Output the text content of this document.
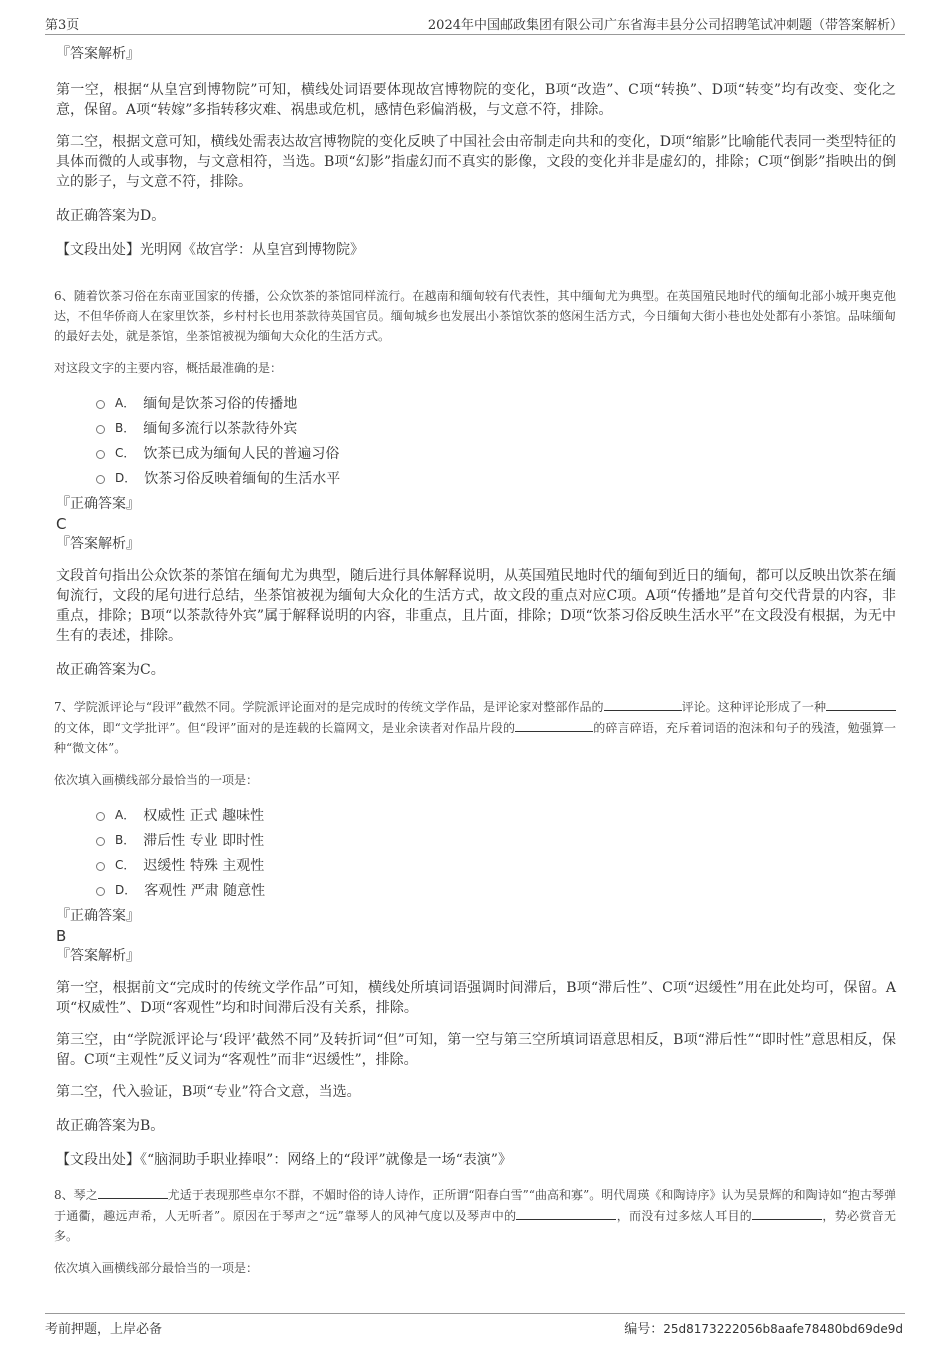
第3页	2024年中国邮政集团有限公司广东省海丰县分公司招聘笔试冲刺题（带答案解析）

『答案解析』

第一空，根据“从皇宫到博物院”可知，横线处词语要体现故宫博物院的变化，B项“改造”、C项“转换”、D项“转变”均有改变、变化之意，保留。A项“转嫁”多指转移灾难、祸患或危机，感情色彩偏消极，与文意不符，排除。

第二空，根据文意可知，横线处需表达故宫博物院的变化反映了中国社会由帝制走向共和的变化，D项“缩影”比喻能代表同一类型特征的具体而微的人或事物，与文意相符，当选。B项“幻影”指虚幻而不真实的影像，文段的变化并非是虚幻的，排除；C项“倒影”指映出的倒立的影子，与文意不符，排除。

故正确答案为D。

【文段出处】光明网《故宫学：从皇宫到博物院》

6、随着饮茶习俗在东南亚国家的传播，公众饮茶的茶馆同样流行。在越南和缅甸较有代表性，其中缅甸尤为典型。在英国殖民地时代的缅甸北部小城开奥克他达，不但华侨商人在家里饮茶，乡村村长也用茶款待英国官员。缅甸城乡也发展出小茶馆饮茶的悠闲生活方式，今日缅甸大街小巷也处处都有小茶馆。品味缅甸的最好去处，就是茶馆，坐茶馆被视为缅甸大众化的生活方式。

对这段文字的主要内容，概括最准确的是：

A． 缅甸是饮茶习俗的传播地
B． 缅甸多流行以茶款待外宾
C． 饮茶已成为缅甸人民的普遍习俗
D． 饮茶习俗反映着缅甸的生活水平

『正确答案』

C

『答案解析』

文段首句指出公众饮茶的茶馆在缅甸尤为典型，随后进行具体解释说明，从英国殖民地时代的缅甸到近日的缅甸，都可以反映出饮茶在缅甸流行，文段的尾句进行总结，坐茶馆被视为缅甸大众化的生活方式，故文段的重点对应C项。A项“传播地”是首句交代背景的内容，非重点，排除；B项“以茶款待外宾”属于解释说明的内容，非重点，且片面，排除；D项“饮茶习俗反映生活水平”在文段没有根据，为无中生有的表述，排除。

故正确答案为C。

7、学院派评论与“段评”截然不同。学院派评论面对的是完成时的传统文学作品，是评论家对整部作品的	评论。这种评论形成了一种的文体，即“文学批评”。但“段评”面对的是连载的长篇网文，是业余读者对作品片段的	的碎言碎语，充斥着词语的泡沫和句子的残渣，勉强算一种“微文体”。

依次填入画横线部分最恰当的一项是：

A． 权威性 正式 趣味性
B． 滞后性 专业 即时性
C． 迟缓性 特殊 主观性
D． 客观性 严肃 随意性

『正确答案』

B

『答案解析』

第一空，根据前文“完成时的传统文学作品”可知，横线处所填词语强调时间滞后，B项“滞后性”、C项“迟缓性”用在此处均可，保留。A项“权威性”、D项“客观性”均和时间滞后没有关系，排除。

第三空，由“学院派评论与‘段评’截然不同”及转折词“但”可知，第一空与第三空所填词语意思相反，B项“滞后性”“即时性”意思相反，保留。C项“主观性”反义词为“客观性”而非“迟缓性”，排除。

第二空，代入验证，B项“专业”符合文意，当选。

故正确答案为B。

【文段出处】《“脑洞助手职业捧哏”：网络上的“段评”就像是一场“表演”》

8、琴之	尤适于表现那些卓尔不群，不媚时俗的诗人诗作，正所谓“阳春白雪”“曲高和寡”。明代周瑛《和陶诗序》认为吴景辉的和陶诗如“抱古琴弹于通衢，趣远声希，人无听者”。原因在于琴声之“远”靠琴人的风神气度以及琴声中的	，而没有过多炫人耳目的	，势必赏音无多。

依次填入画横线部分最恰当的一项是：

考前押题，上岸必备	编号：25d8173222056b8aafe78480bd69de9d
